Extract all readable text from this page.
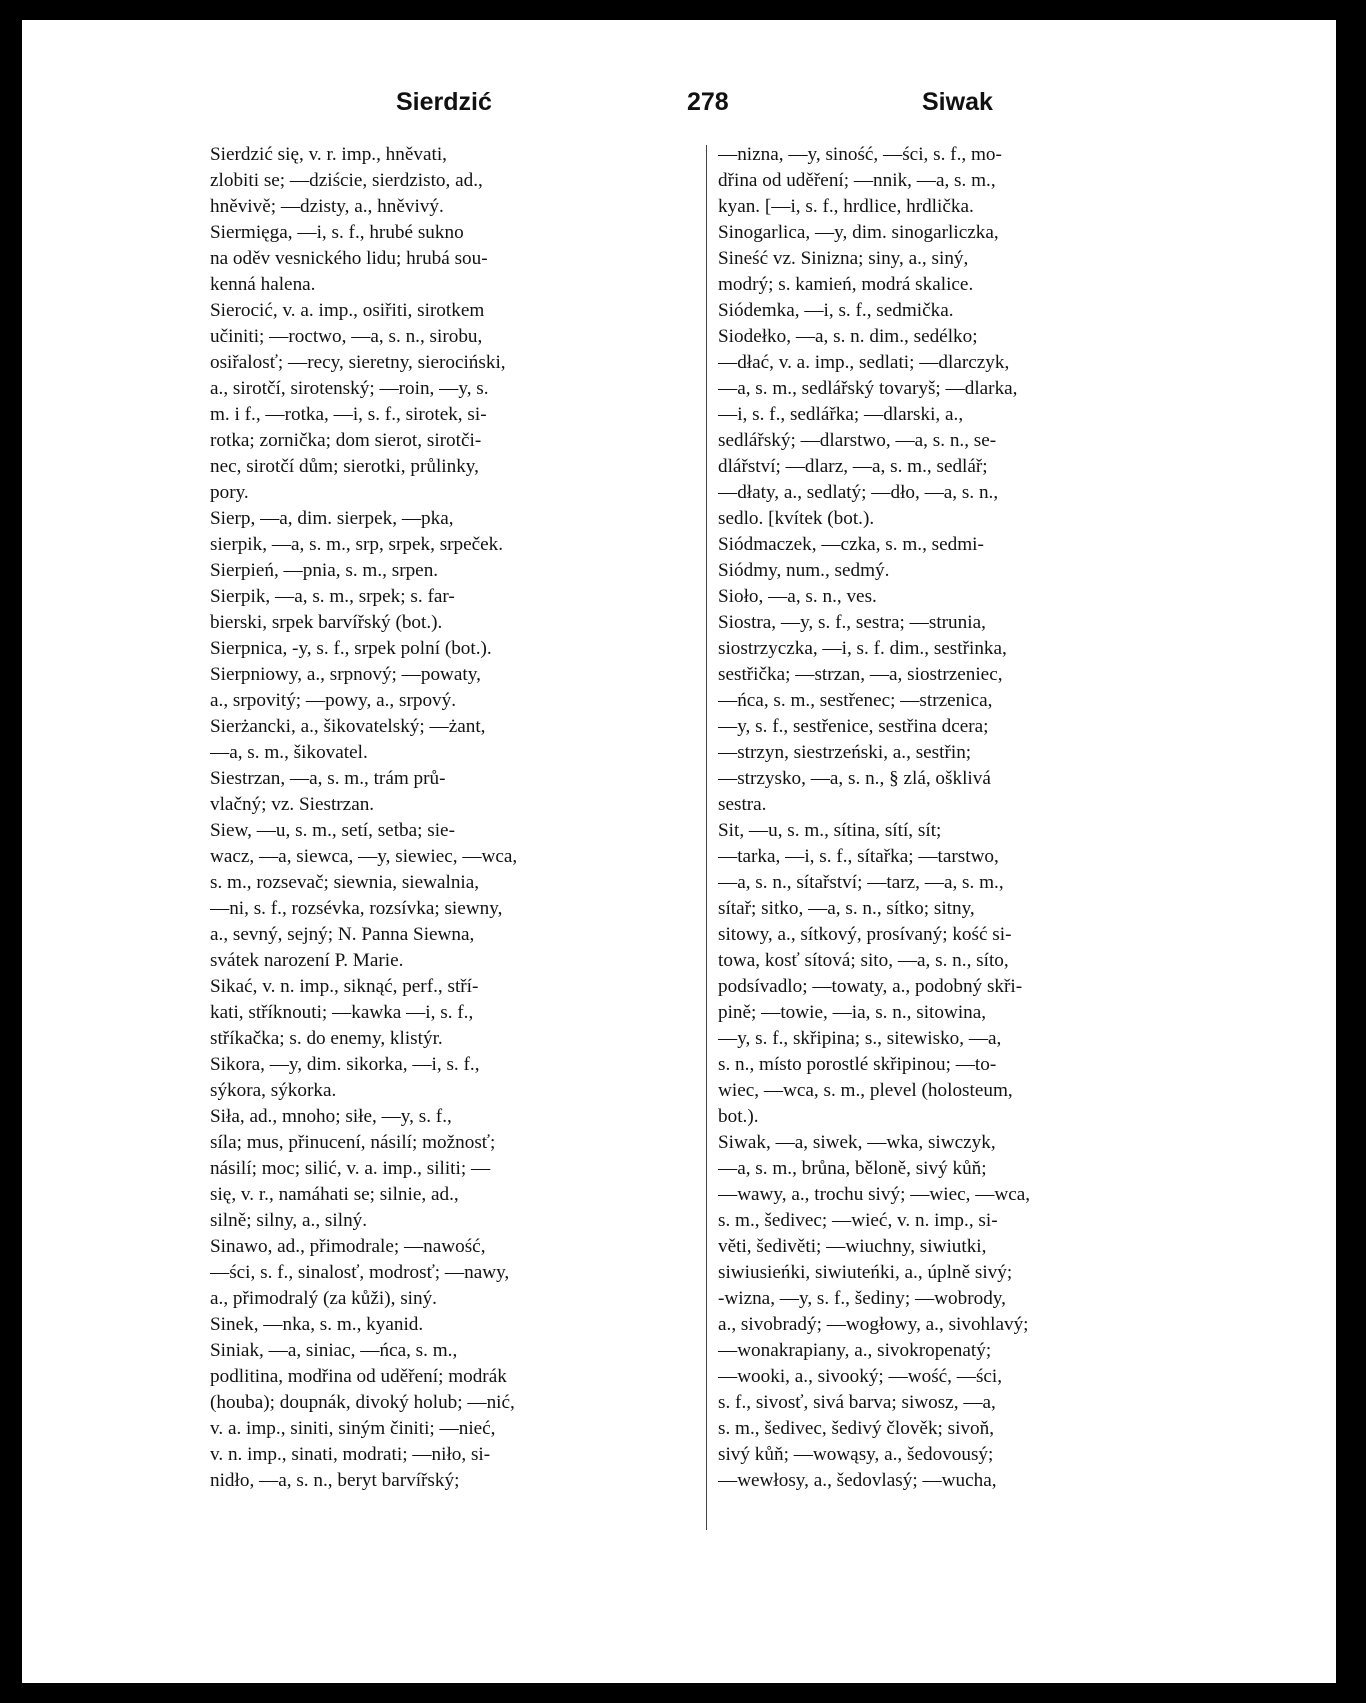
Sierdzić	278	Siwak
Sierdzić się, v. r. imp., hněvati,
zlobiti se; —dziście, sierdzisto, ad.,
hněvivě; —dzisty, a., hněvivý.
Siermięga, —i, s. f., hrubé sukno
na oděv vesnického lidu; hrubá sou-
kenná halena.
Sierocić, v. a. imp., osiřiti, sirotkem
učiniti; —roctwo, —a, s. n., sirobu,
osiřalosť; —recy, sieretny, sierociński,
a., sirotčí, sirotenský; —roin, —y, s.
m. i f., —rotka, —i, s. f., sirotek, si-
rotka; zornička; dom sierot, sirotči-
nec, sirotčí dům; sierotki, průlinky,
pory.
Sierp, —a, dim. sierpek, —pka,
sierpik, —a, s. m., srp, srpek, srpeček.
Sierpień, —pnia, s. m., srpen.
Sierpik, —a, s. m., srpek; s. far-
bierski, srpek barvířský (bot.).
Sierpnica, -y, s. f., srpek polní (bot.).
Sierpniowy, a., srpnový; —powaty,
a., srpovitý; —powy, a., srpový.
Sierżancki, a., šikovatelský; —żant,
—a, s. m., šikovatel.
Siestrzan, —a, s. m., trám prů-
vlačný; vz. Siestrzan.
Siew, —u, s. m., setí, setba; sie-
wacz, —a, siewca, —y, siewiec, —wca,
s. m., rozsevač; siewnia, siewalnia,
—ni, s. f., rozsévka, rozsívka; siewny,
a., sevný, sejný; N. Panna Siewna,
svátek narození P. Marie.
Sikać, v. n. imp., siknąć, perf., stří-
kati, stříknouti; —kawka —i, s. f.,
stříkačka; s. do enemy, klistýr.
Sikora, —y, dim. sikorka, —i, s. f.,
sýkora, sýkorka.
Siła, ad., mnoho; siłe, —y, s. f.,
síla; mus, přinucení, násilí; možnosť;
násilí; moc; silić, v. a. imp., siliti; —
się, v. r., namáhati se; silnie, ad.,
silně; silny, a., silný.
Sinawo, ad., přimodrale; —nawość,
—ści, s. f., sinalosť, modrosť; —nawy,
a., přimodralý (za kůži), siný.
Sinek, —nka, s. m., kyanid.
Siniak, —a, siniac, —ńca, s. m.,
podlitina, modřina od uděření; modrák
(houba); doupnák, divoký holub; —nić,
v. a. imp., siniti, siným činiti; —nieć,
v. n. imp., sinati, modrati; —niło, si-
nidło, —a, s. n., beryt barvířský;
—nizna, —y, siność, —ści, s. f., mo-
dřina od uděření; —nnik, —a, s. m.,
kyan. [—i, s. f., hrdlice, hrdlička.
Sinogarlica, —y, dim. sinogarliczka,
Sineść vz. Sinizna; siny, a., siný,
modrý; s. kamień, modrá skalice.
Siódemka, —i, s. f., sedmička.
Siodełko, —a, s. n. dim., sedélko;
—dłać, v. a. imp., sedlati; —dlarczyk,
—a, s. m., sedlářský tovaryš; —dlarka,
—i, s. f., sedlářka; —dlarski, a.,
sedlářský; —dlarstwo, —a, s. n., se-
dlářství; —dlarz, —a, s. m., sedlář;
—dłaty, a., sedlatý; —dło, —a, s. n.,
sedlo. [kvítek (bot.).
Siódmaczek, —czka, s. m., sedmi-
Siódmy, num., sedmý.
Sioło, —a, s. n., ves.
Siostra, —y, s. f., sestra; —strunia,
siostrzyczka, —i, s. f. dim., sestřinka,
sestřička; —strzan, —a, siostrzeniec,
—ńca, s. m., sestřenec; —strzenica,
—y, s. f., sestřenice, sestřina dcera;
—strzyn, siestrzeński, a., sestřin;
—strzysko, —a, s. n., § zlá, ošklivá
sestra.
Sit, —u, s. m., sítina, sítí, sít;
—tarka, —i, s. f., sítařka; —tarstwo,
—a, s. n., sítařství; —tarz, —a, s. m.,
sítař; sitko, —a, s. n., sítko; sitny,
sitowy, a., sítkový, prosívaný; kość si-
towa, kosť sítová; sito, —a, s. n., síto,
podsívadlo; —towaty, a., podobný skři-
pině; —towie, —ia, s. n., sitowina,
—y, s. f., skřipina; s., sitewisko, —a,
s. n., místo porostlé skřipinou; —to-
wiec, —wca, s. m., plevel (holosteum,
bot.).
Siwak, —a, siwek, —wka, siwczyk,
—a, s. m., brůna, běloně, sivý kůň;
—wawy, a., trochu sivý; —wiec, —wca,
s. m., šedivec; —wieć, v. n. imp., si-
věti, šedivěti; —wiuchny, siwiutki,
siwiusieńki, siwiuteńki, a., úplně sivý;
-wizna, —y, s. f., šediny; —wobrody,
a., sivobradý; —wogłowy, a., sivohlavý;
—wonakrapiany, a., sivokropenatý;
—wooki, a., sivooký; —wość, —ści,
s. f., sivosť, sivá barva; siwosz, —a,
s. m., šedivec, šedivý člověk; sivoň,
sivý kůň; —wowąsy, a., šedovousý;
—wewłosy, a., šedovlasý; —wucha,
